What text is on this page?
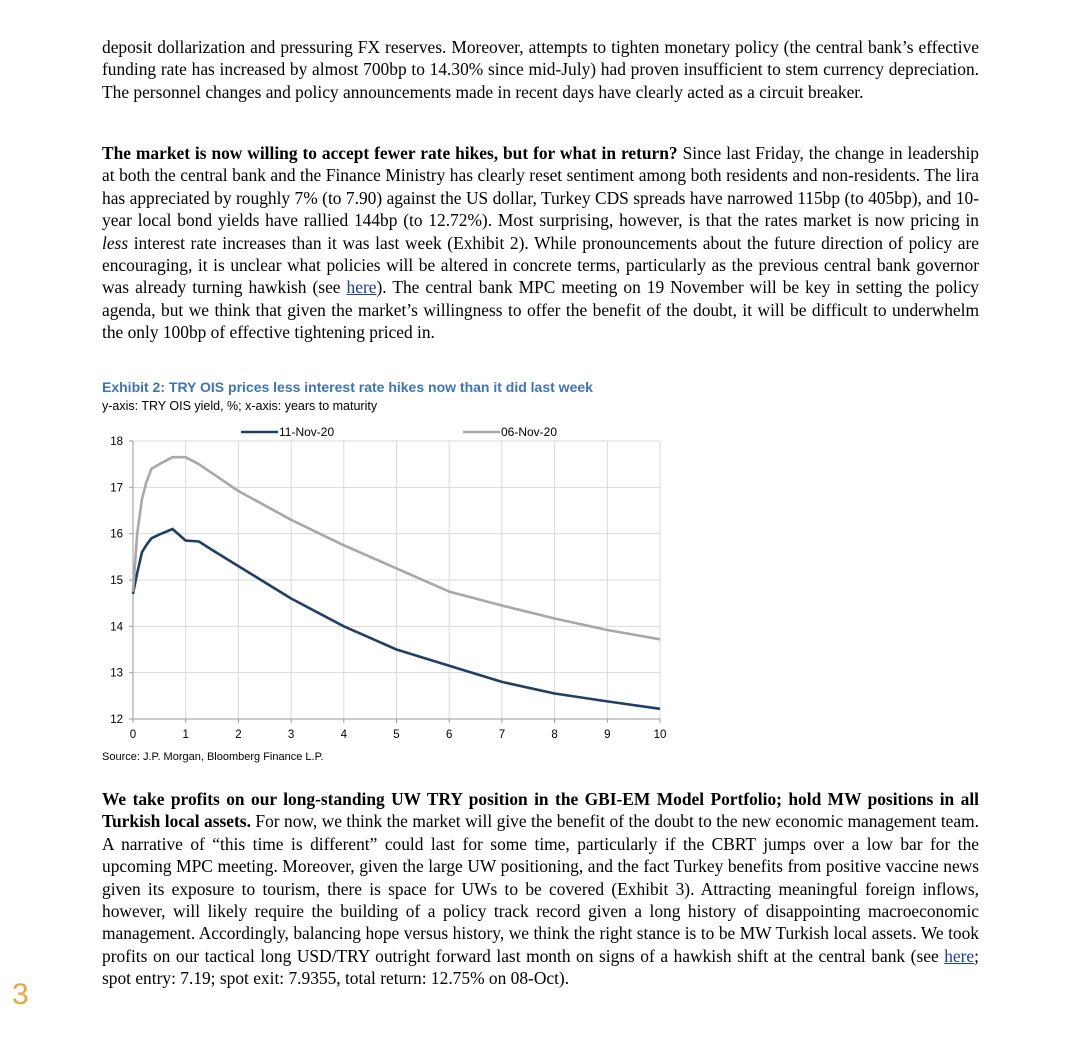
deposit dollarization and pressuring FX reserves. Moreover, attempts to tighten monetary policy (the central bank’s effective funding rate has increased by almost 700bp to 14.30% since mid-July) had proven insufficient to stem currency depreciation. The personnel changes and policy announcements made in recent days have clearly acted as a circuit breaker.

The market is now willing to accept fewer rate hikes, but for what in return? Since last Friday, the change in leadership at both the central bank and the Finance Ministry has clearly reset sentiment among both residents and non-residents. The lira has appreciated by roughly 7% (to 7.90) against the US dollar, Turkey CDS spreads have narrowed 115bp (to 405bp), and 10-year local bond yields have rallied 144bp (to 12.72%). Most surprising, however, is that the rates market is now pricing in less interest rate increases than it was last week (Exhibit 2). While pronouncements about the future direction of policy are encouraging, it is unclear what policies will be altered in concrete terms, particularly as the previous central bank governor was already turning hawkish (see here). The central bank MPC meeting on 19 November will be key in setting the policy agenda, but we think that given the market’s willingness to offer the benefit of the doubt, it will be difficult to underwhelm the only 100bp of effective tightening priced in.

Exhibit 2: TRY OIS prices less interest rate hikes now than it did last week

y-axis: TRY OIS yield, %; x-axis: years to maturity

12
13
14
15
16
17
18
0	1	2	3	4	5	6	7	8	9	10
11-Nov-20	06-Nov-20

Source: J.P. Morgan, Bloomberg Finance L.P.

We take profits on our long-standing UW TRY position in the GBI-EM Model Portfolio; hold MW positions in all Turkish local assets. For now, we think the market will give the benefit of the doubt to the new economic management team. A narrative of “this time is different” could last for some time, particularly if the CBRT jumps over a low bar for the upcoming MPC meeting. Moreover, given the large UW positioning, and the fact Turkey benefits from positive vaccine news given its exposure to tourism, there is space for UWs to be covered (Exhibit 3). Attracting meaningful foreign inflows, however, will likely require the building of a policy track record given a long history of disappointing macroeconomic management. Accordingly, balancing hope versus history, we think the right stance is to be MW Turkish local assets. We took profits on our tactical long USD/TRY outright forward last month on signs of a hawkish shift at the central bank (see here; spot entry: 7.19; spot exit: 7.9355, total return: 12.75% on 08-Oct).

3
